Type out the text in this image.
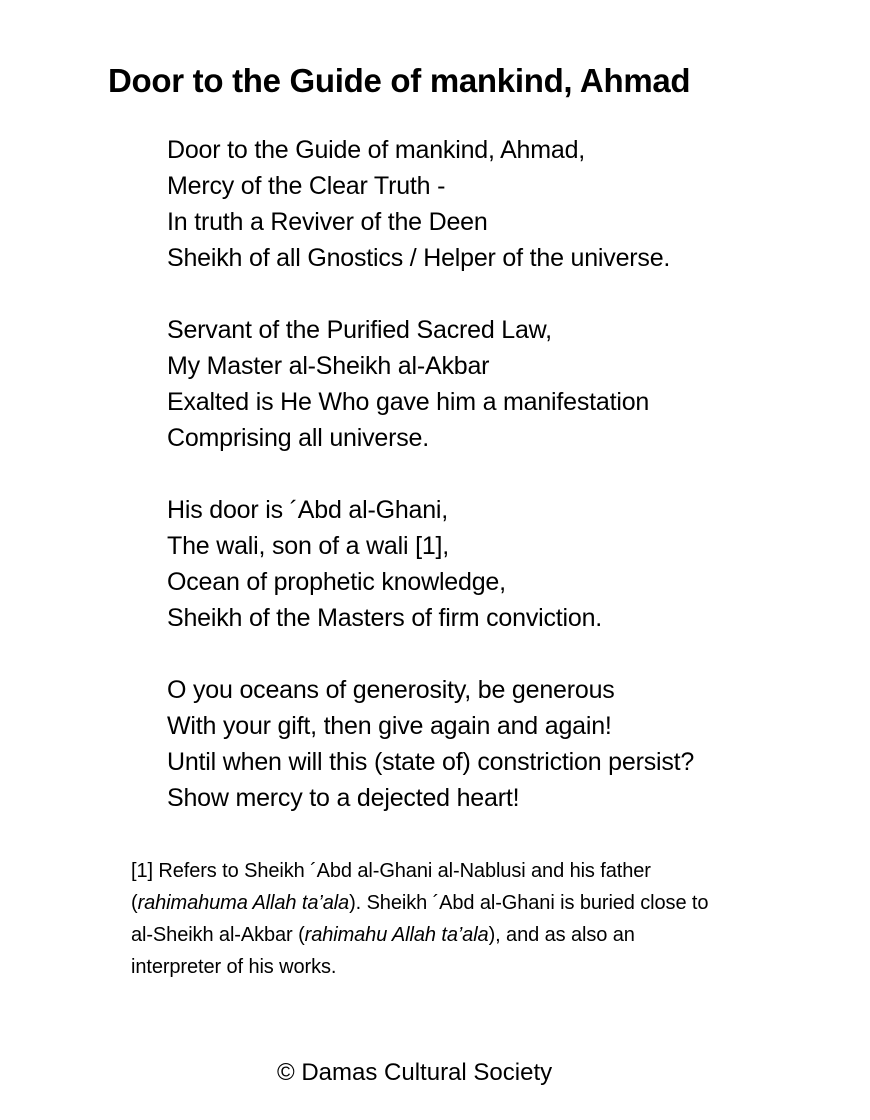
Door to the Guide of mankind, Ahmad
Door to the Guide of mankind, Ahmad,
Mercy of the Clear Truth -
In truth a Reviver of the Deen
Sheikh of all Gnostics / Helper of the universe.
Servant of the Purified Sacred Law,
My Master al-Sheikh al-Akbar
Exalted is He Who gave him a manifestation
Comprising all universe.
His door is ´Abd al-Ghani,
The wali, son of a wali [1],
Ocean of prophetic knowledge,
Sheikh of the Masters of firm conviction.
O you oceans of generosity, be generous
With your gift, then give again and again!
Until when will this (state of) constriction persist?
Show mercy to a dejected heart!
[1] Refers to Sheikh ´Abd al-Ghani al-Nablusi and his father
(rahimahuma Allah ta’ala). Sheikh ´Abd al-Ghani is buried close to
al-Sheikh al-Akbar (rahimahu Allah ta’ala), and as also an
interpreter of his works.
© Damas Cultural Society
